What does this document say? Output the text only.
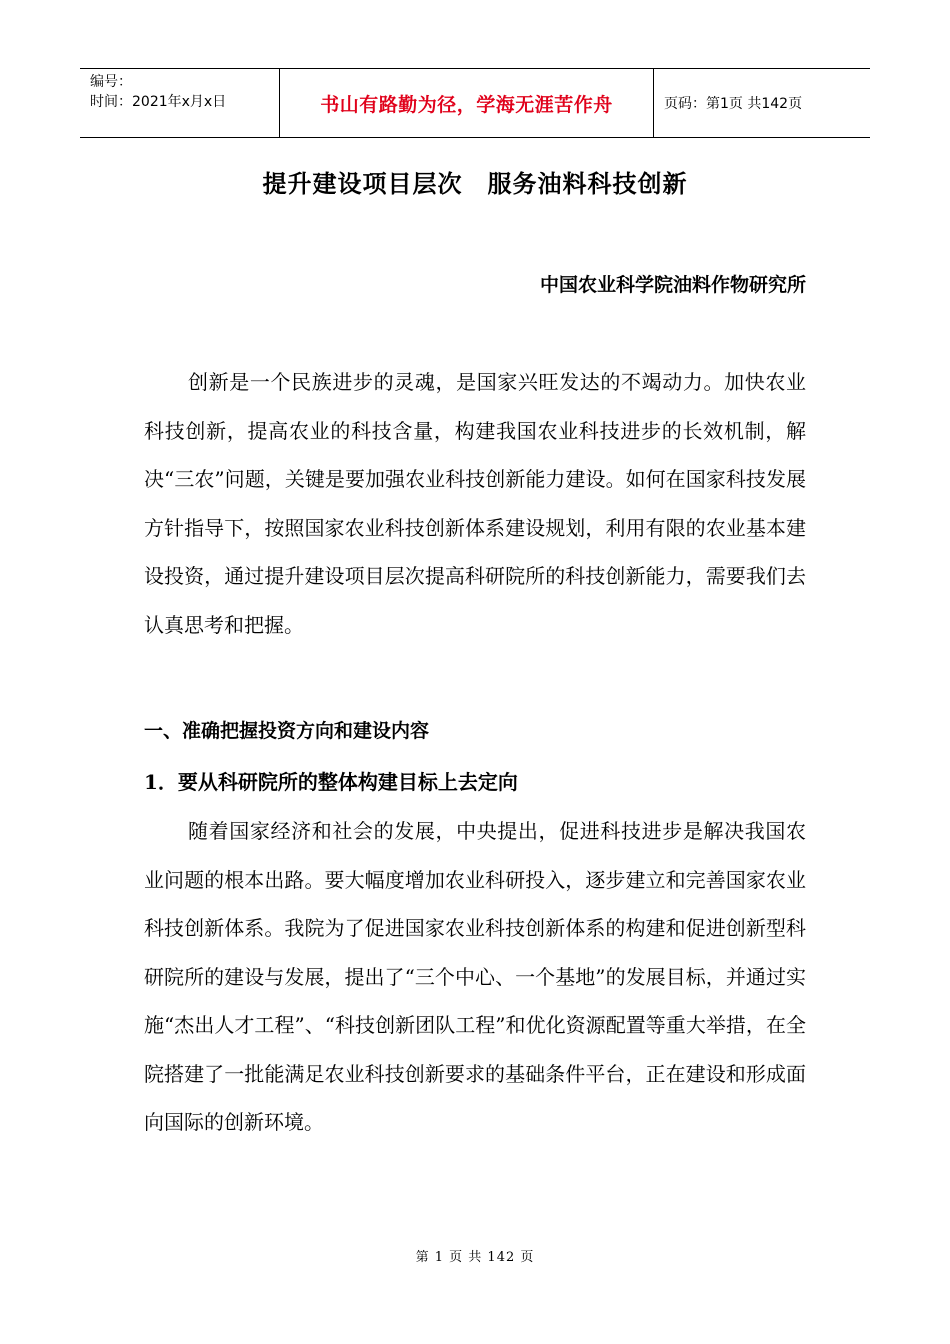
编号：
时间：2021年x月x日	书山有路勤为径，学海无涯苦作舟	页码：第1页 共142页
提升建设项目层次　服务油料科技创新
中国农业科学院油料作物研究所

创新是一个民族进步的灵魂，是国家兴旺发达的不竭动力。加快农业科技创新，提高农业的科技含量，构建我国农业科技进步的长效机制，解决“三农”问题，关键是要加强农业科技创新能力建设。如何在国家科技发展方针指导下，按照国家农业科技创新体系建设规划，利用有限的农业基本建设投资，通过提升建设项目层次提高科研院所的科技创新能力，需要我们去认真思考和把握。

一、准确把握投资方向和建设内容
1．要从科研院所的整体构建目标上去定向

随着国家经济和社会的发展，中央提出，促进科技进步是解决我国农业问题的根本出路。要大幅度增加农业科研投入，逐步建立和完善国家农业科技创新体系。我院为了促进国家农业科技创新体系的构建和促进创新型科研院所的建设与发展，提出了“三个中心、一个基地”的发展目标，并通过实施“杰出人才工程”、“科技创新团队工程”和优化资源配置等重大举措，在全院搭建了一批能满足农业科技创新要求的基础条件平台，正在建设和形成面向国际的创新环境。

第 1 页 共 142 页
